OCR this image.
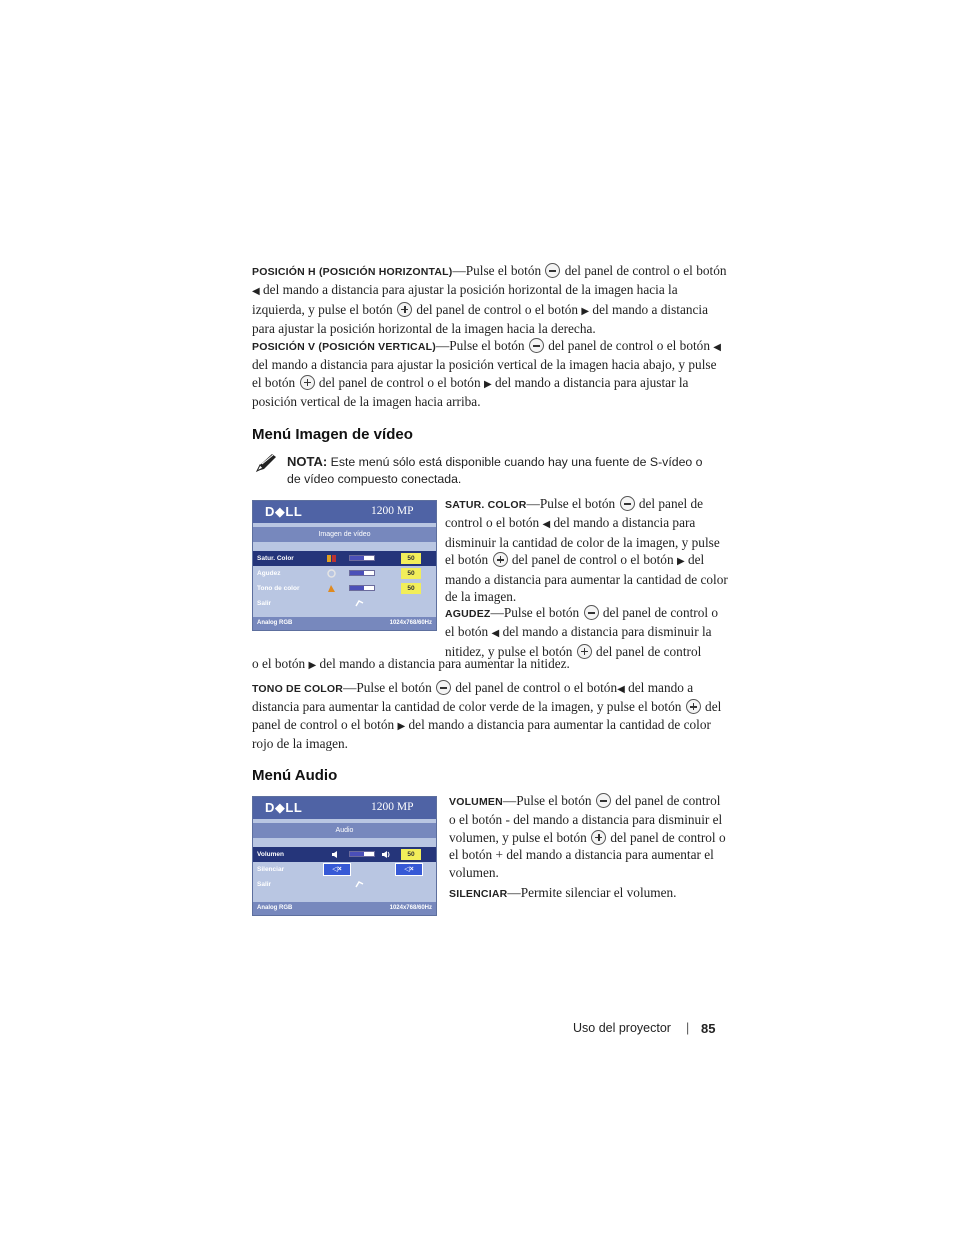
POSICIÓN H (POSICIÓN HORIZONTAL)—Pulse el botón  del panel de control o el botón ◀ del mando a distancia para ajustar la posición horizontal de la imagen hacia la izquierda, y pulse el botón  del panel de control o el botón ▶ del mando a distancia para ajustar la posición horizontal de la imagen hacia la derecha.
POSICIÓN V (POSICIÓN VERTICAL)—Pulse el botón  del panel de control o el botón ◀ del mando a distancia para ajustar la posición vertical de la imagen hacia abajo, y pulse el botón  del panel de control o el botón ▶ del mando a distancia para ajustar la posición vertical de la imagen hacia arriba.
Menú Imagen de vídeo
NOTA: Este menú sólo está disponible cuando hay una fuente de S-vídeo o de vídeo compuesto conectada.
D◆LL	1200 MP
Imagen de vídeo
Satur. Color	50
Agudez	50
Tono de color	50
Salir
Analog RGB	1024x768/60Hz
SATUR. COLOR—Pulse el botón  del panel de control o el botón ◀ del mando a distancia para disminuir la cantidad de color de la imagen, y pulse el botón  del panel de control o el botón ▶ del mando a distancia para aumentar la cantidad de color de la imagen.
AGUDEZ—Pulse el botón  del panel de control o el botón ◀ del mando a distancia para disminuir la nitidez, y pulse el botón  del panel de control
o el botón ▶ del mando a distancia para aumentar la nitidez.
TONO DE COLOR—Pulse el botón  del panel de control o el botón◀ del mando a distancia para aumentar la cantidad de color verde de la imagen, y pulse el botón  del panel de control o el botón ▶ del mando a distancia para aumentar la cantidad de color rojo de la imagen.
Menú Audio
D◆LL	1200 MP
Audio
Volumen	50
Silenciar	◁×	◁×
Salir
Analog RGB	1024x768/60Hz
VOLUMEN—Pulse el botón  del panel de control o el botón - del mando a distancia para disminuir el volumen, y pulse el botón  del panel de control o el botón + del mando a distancia para aumentar el volumen.
SILENCIAR—Permite silenciar el volumen.
Uso del proyector | 85
